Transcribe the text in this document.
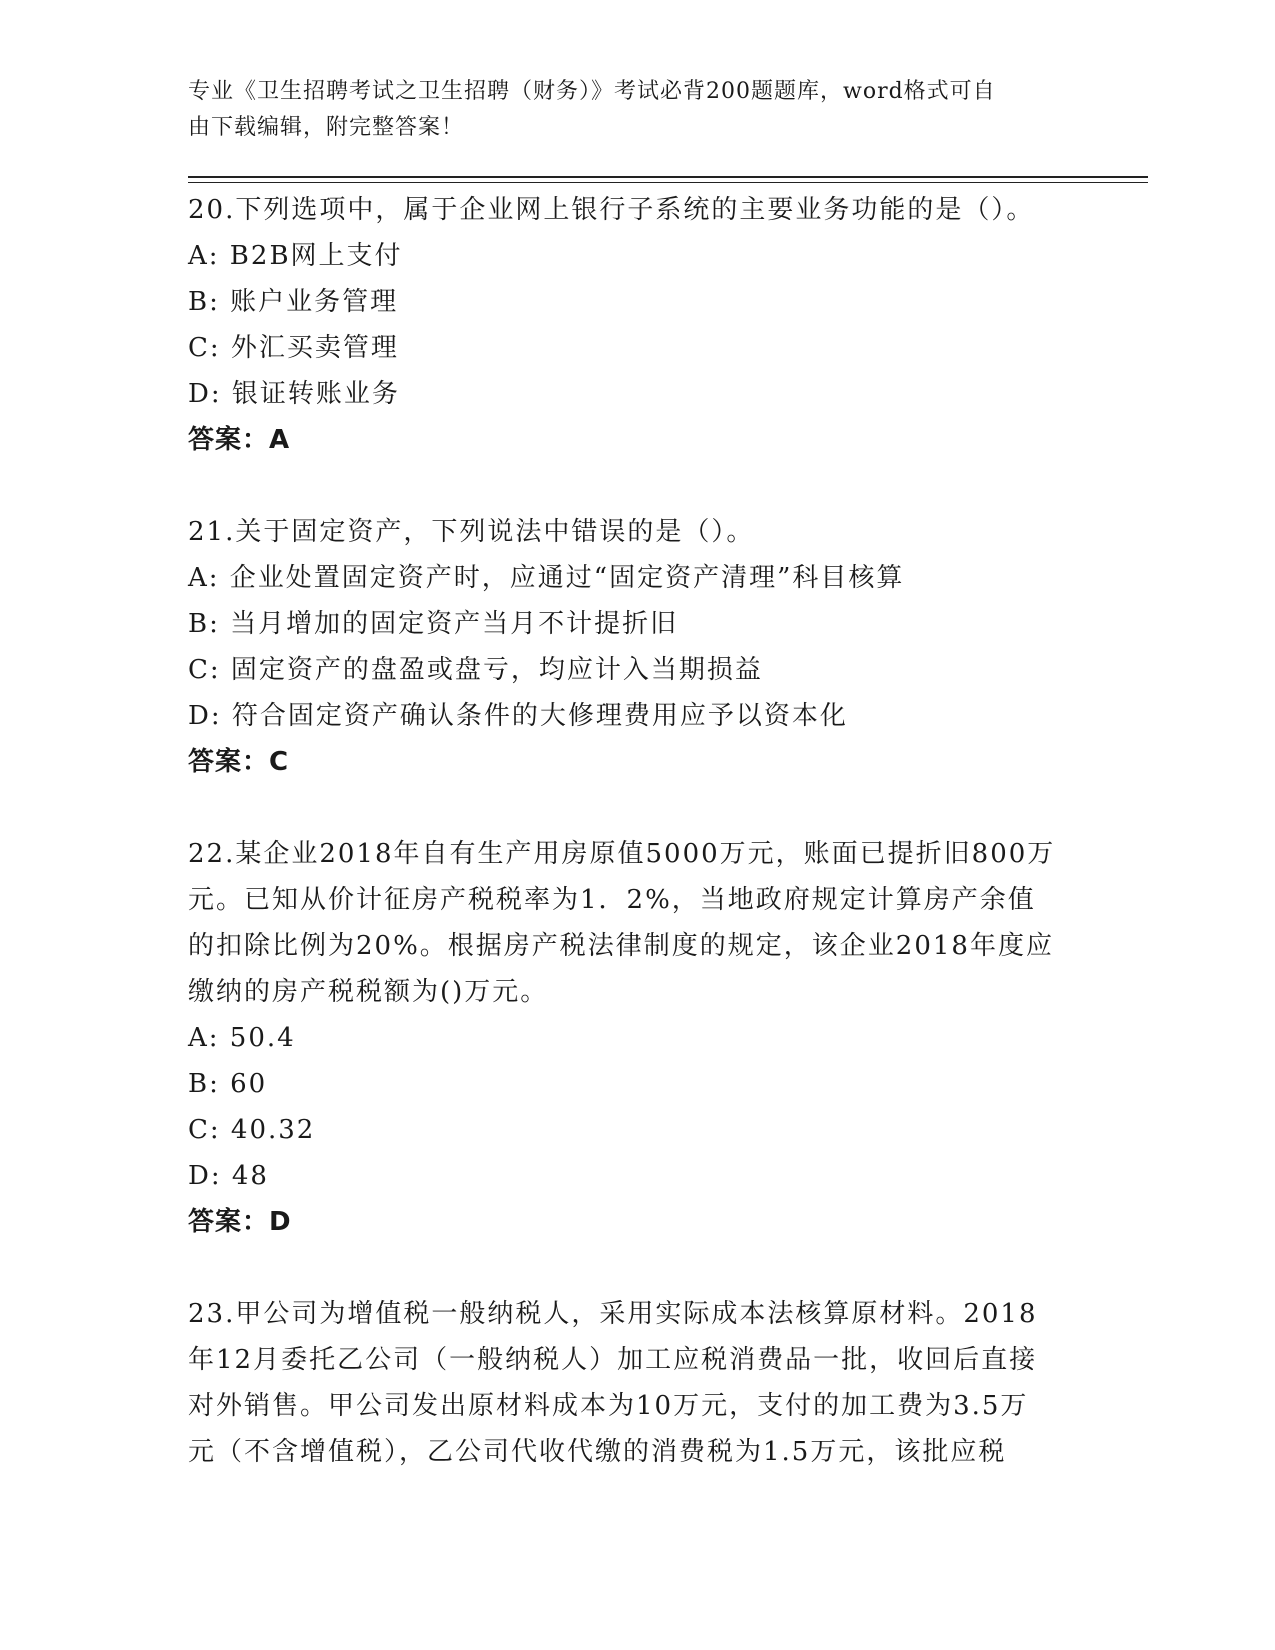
专业《卫生招聘考试之卫生招聘（财务）》考试必背200题题库，word格式可自
由下载编辑，附完整答案！

20.下列选项中，属于企业网上银行子系统的主要业务功能的是（）。

A: B2B网上支付

B: 账户业务管理

C: 外汇买卖管理

D: 银证转账业务

答案：A

21.关于固定资产，下列说法中错误的是（）。

A: 企业处置固定资产时，应通过“固定资产清理”科目核算

B: 当月增加的固定资产当月不计提折旧

C: 固定资产的盘盈或盘亏，均应计入当期损益

D: 符合固定资产确认条件的大修理费用应予以资本化

答案：C

22.某企业2018年自有生产用房原值5000万元，账面已提折旧800万

元。已知从价计征房产税税率为1．2%，当地政府规定计算房产余值

的扣除比例为20%。根据房产税法律制度的规定，该企业2018年度应

缴纳的房产税税额为()万元。

A: 50.4

B: 60

C: 40.32

D: 48

答案：D

23.甲公司为增值税一般纳税人，采用实际成本法核算原材料。2018

年12月委托乙公司（一般纳税人）加工应税消费品一批，收回后直接

对外销售。甲公司发出原材料成本为10万元，支付的加工费为3.5万

元（不含增值税），乙公司代收代缴的消费税为1.5万元，该批应税
